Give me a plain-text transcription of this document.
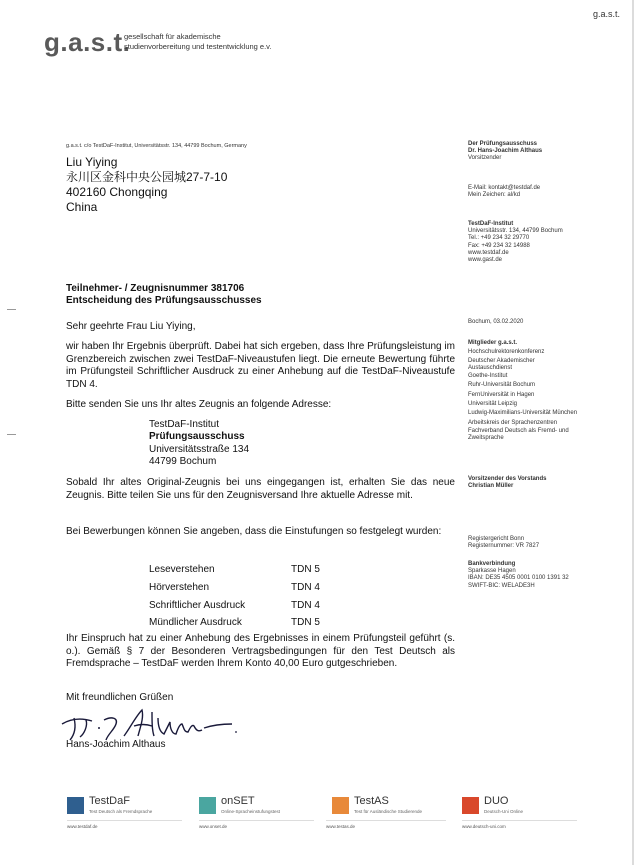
g.a.s.t.
g.a.s.t.
gesellschaft für akademische
studienvorbereitung und testentwicklung e.v.
g.a.s.t. c/o TestDaF-Institut, Universitätsstr. 134, 44799 Bochum, Germany
Liu Yiying
永川区金科中央公园城27-7-10
402160 Chongqing
China
Der Prüfungsausschuss
Dr. Hans-Joachim Althaus
Vorsitzender
E-Mail: kontakt@testdaf.de
Mein Zeichen: al/kd
TestDaF-Institut
Universitätsstr. 134, 44799 Bochum
Tel.: +49 234 32 29770
Fax: +49 234 32 14988
www.testdaf.de
www.gast.de
Bochum, 03.02.2020
Mitglieder g.a.s.t.
Hochschulrektorenkonferenz
Deutscher Akademischer
Austauschdienst
Goethe-Institut
Ruhr-Universität Bochum
FernUniversität in Hagen
Universität Leipzig
Ludwig-Maximilians-Universität München
Arbeitskreis der Sprachenzentren
Fachverband Deutsch als Fremd- und
Zweitsprache
Vorsitzender des Vorstands
Christian Müller
Registergericht Bonn
Registernummer: VR 7827
Bankverbindung
Sparkasse Hagen
IBAN: DE35 4505 0001 0100 1391 32
SWIFT-BIC: WELADE3H
Teilnehmer- / Zeugnisnummer 381706
Entscheidung des Prüfungsausschusses
Sehr geehrte Frau Liu Yiying,
wir haben Ihr Ergebnis überprüft. Dabei hat sich ergeben, dass Ihre Prüfungsleistung im Grenzbereich zwischen zwei TestDaF-Niveaustufen liegt. Die erneute Bewertung führte im Prüfungsteil Schriftlicher Ausdruck zu einer Anhebung auf die TestDaF-Niveaustufe TDN 4.
Bitte senden Sie uns Ihr altes Zeugnis an folgende Adresse:
TestDaF-Institut
Prüfungsausschuss
Universitätsstraße 134
44799 Bochum
Sobald Ihr altes Original-Zeugnis bei uns eingegangen ist, erhalten Sie das neue Zeugnis. Bitte teilen Sie uns für den Zeugnisversand Ihre aktuelle Adresse mit.
Bei Bewerbungen können Sie angeben, dass die Einstufungen so festgelegt wurden:
Leseverstehen	TDN 5
Hörverstehen	TDN 4
Schriftlicher Ausdruck	TDN 4
Mündlicher Ausdruck	TDN 5
Ihr Einspruch hat zu einer Anhebung des Ergebnisses in einem Prüfungsteil geführt (s. o.). Gemäß § 7 der Besonderen Vertragsbedingungen für den Test Deutsch als Fremdsprache – TestDaF werden Ihrem Konto 40,00 Euro gutgeschrieben.
Mit freundlichen Grüßen
Hans-Joachim Althaus
TestDaF
Test Deutsch als Fremdsprache
www.testdaf.de
onSET
Online-Spracheinstufungstest
www.onset.de
TestAS
Test für Ausländische Studierende
www.testas.de
DUO
Deutsch-Uni Online
www.deutsch-uni.com
